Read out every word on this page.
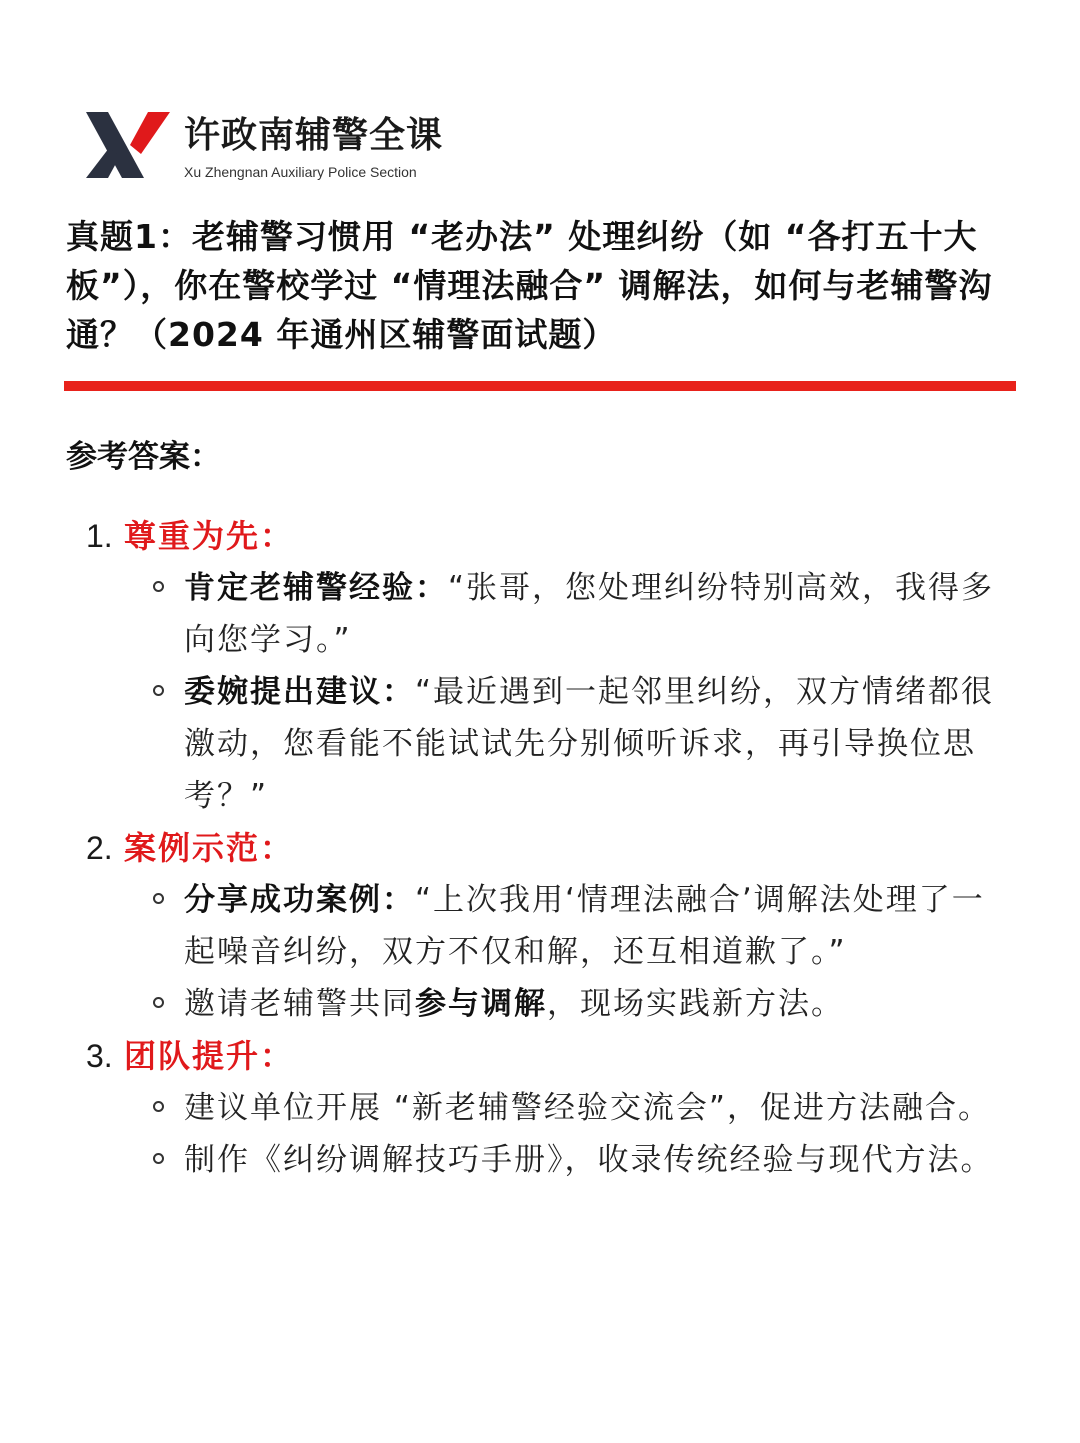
许政南辅警全课
Xu Zhengnan Auxiliary Police Section
真题1：老辅警习惯用 “老办法” 处理纠纷（如 “各打五十大板”），你在警校学过 “情理法融合” 调解法，如何与老辅警沟通？（2024 年通州区辅警面试题）
参考答案：
1. 尊重为先：
肯定老辅警经验：“张哥，您处理纠纷特别高效，我得多向您学习。”
委婉提出建议：“最近遇到一起邻里纠纷，双方情绪都很激动，您看能不能试试先分别倾听诉求，再引导换位思考？”
2. 案例示范：
分享成功案例：“上次我用‘情理法融合’调解法处理了一起噪音纠纷，双方不仅和解，还互相道歉了。”
邀请老辅警共同参与调解，现场实践新方法。
3. 团队提升：
建议单位开展 “新老辅警经验交流会”，促进方法融合。
制作《纠纷调解技巧手册》，收录传统经验与现代方法。
